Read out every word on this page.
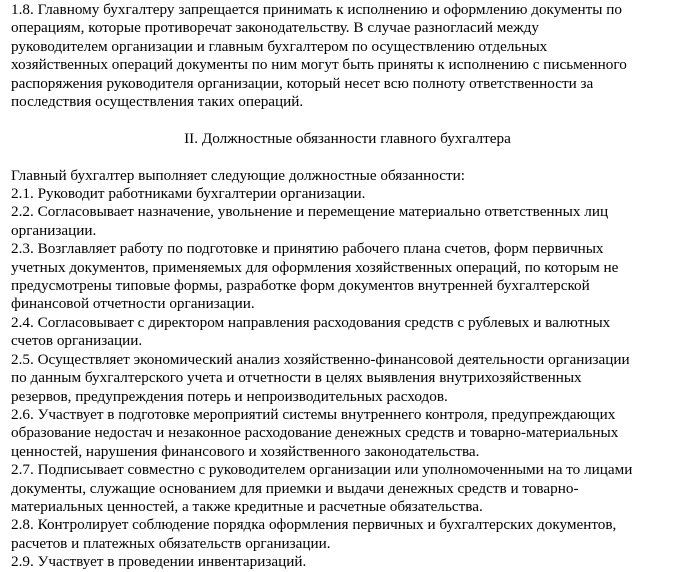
1.8. Главному бухгалтеру запрещается принимать к исполнению и оформлению документы по
операциям, которые противоречат законодательству. В случае разногласий между
руководителем организации и главным бухгалтером по осуществлению отдельных
хозяйственных операций документы по ним могут быть приняты к исполнению с письменного
распоряжения руководителя организации, который несет всю полноту ответственности за
последствия осуществления таких операций.
II. Должностные обязанности главного бухгалтера
Главный бухгалтер выполняет следующие должностные обязанности:
2.1. Руководит работниками бухгалтерии организации.
2.2. Согласовывает назначение, увольнение и перемещение материально ответственных лиц
организации.
2.3. Возглавляет работу по подготовке и принятию рабочего плана счетов, форм первичных
учетных документов, применяемых для оформления хозяйственных операций, по которым не
предусмотрены типовые формы, разработке форм документов внутренней бухгалтерской
финансовой отчетности организации.
2.4. Согласовывает с директором направления расходования средств с рублевых и валютных
счетов организации.
2.5. Осуществляет экономический анализ хозяйственно-финансовой деятельности организации
по данным бухгалтерского учета и отчетности в целях выявления внутрихозяйственных
резервов, предупреждения потерь и непроизводительных расходов.
2.6. Участвует в подготовке мероприятий системы внутреннего контроля, предупреждающих
образование недостач и незаконное расходование денежных средств и товарно-материальных
ценностей, нарушения финансового и хозяйственного законодательства.
2.7. Подписывает совместно с руководителем организации или уполномоченными на то лицами
документы, служащие основанием для приемки и выдачи денежных средств и товарно-
материальных ценностей, а также кредитные и расчетные обязательства.
2.8. Контролирует соблюдение порядка оформления первичных и бухгалтерских документов,
расчетов и платежных обязательств организации.
2.9. Участвует в проведении инвентаризаций.
